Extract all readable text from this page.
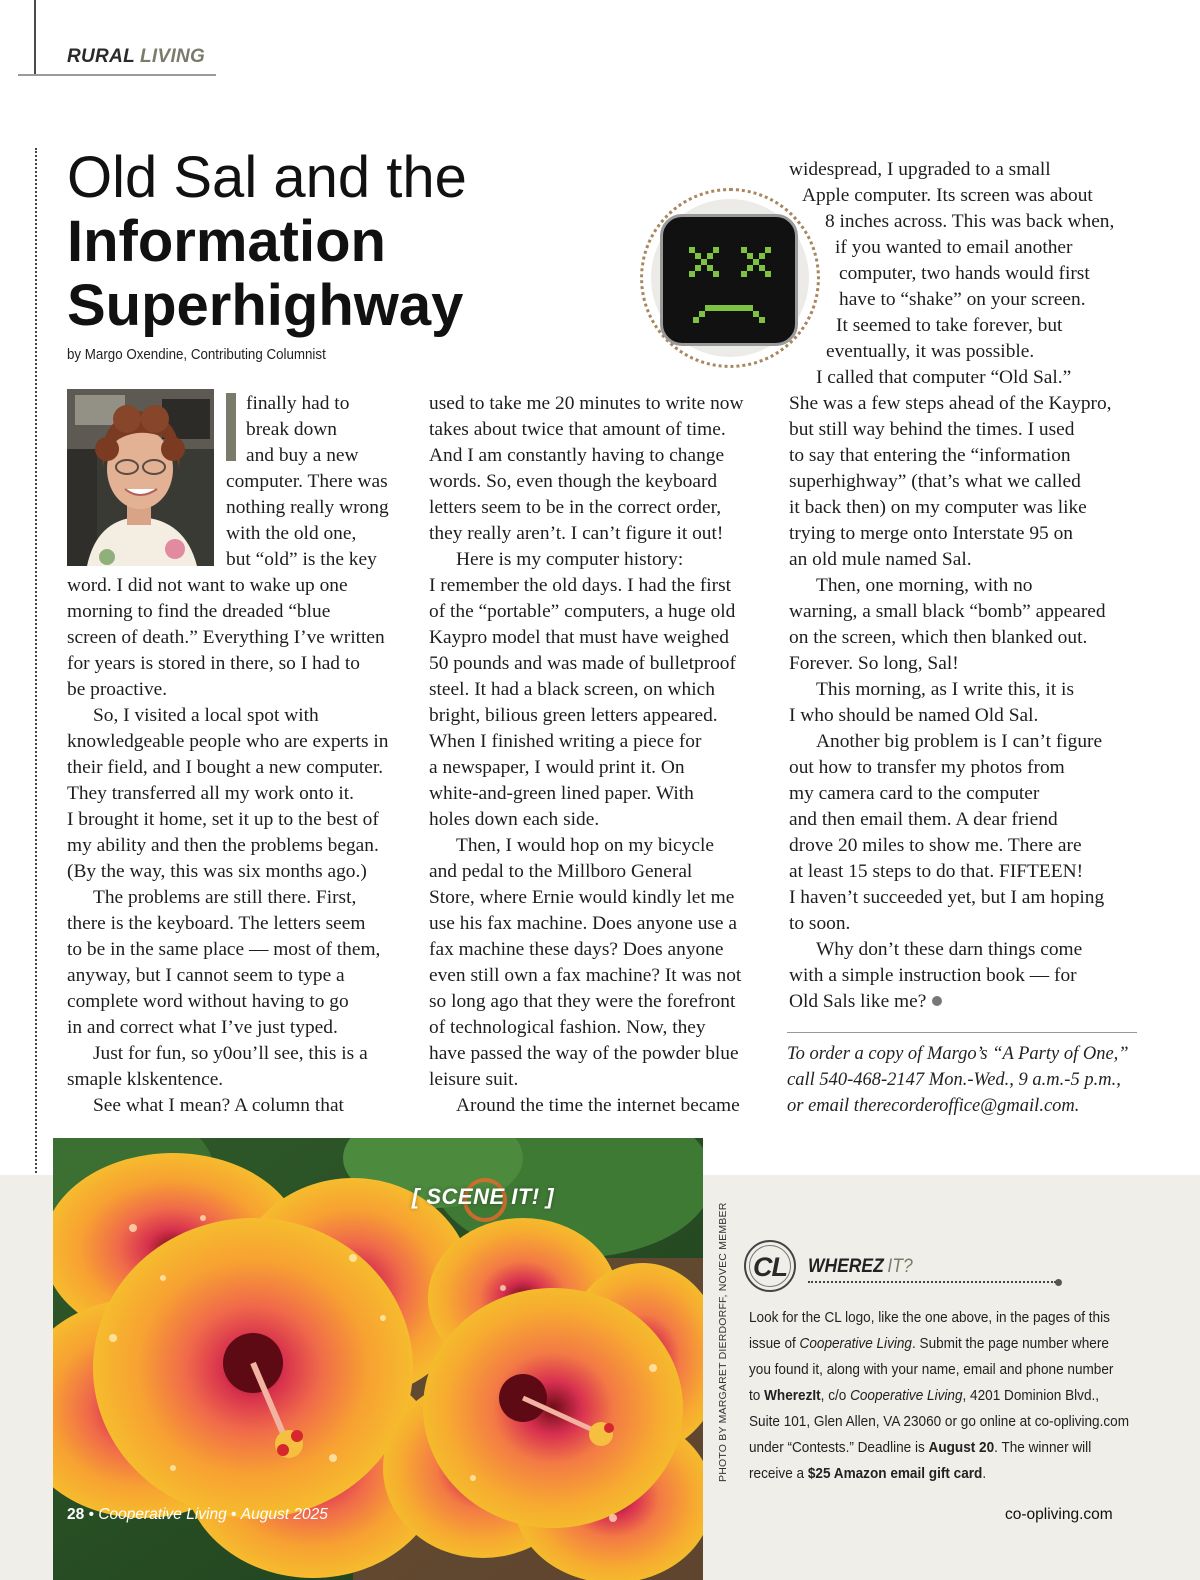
RURAL LIVING
Old Sal and the
Information
Superhighway
by Margo Oxendine, Contributing Columnist
finally had to
break down
and buy a new
computer. There was
nothing really wrong
with the old one,
but “old” is the key
word. I did not want to wake up one
morning to find the dreaded “blue
screen of death.” Everything I’ve written
for years is stored in there, so I had to
be proactive.
So, I visited a local spot with
knowledgeable people who are experts in
their field, and I bought a new computer.
They transferred all my work onto it.
I brought it home, set it up to the best of
my ability and then the problems began.
(By the way, this was six months ago.)
The problems are still there. First,
there is the keyboard. The letters seem
to be in the same place — most of them,
anyway, but I cannot seem to type a
complete word without having to go
in and correct what I’ve just typed.
Just for fun, so y0ou’ll see, this is a
smaple klskentence.
See what I mean? A column that
used to take me 20 minutes to write now
takes about twice that amount of time.
And I am constantly having to change
words. So, even though the keyboard
letters seem to be in the correct order,
they really aren’t. I can’t figure it out!
Here is my computer history:
I remember the old days. I had the first
of the “portable” computers, a huge old
Kaypro model that must have weighed
50 pounds and was made of bulletproof
steel. It had a black screen, on which
bright, bilious green letters appeared.
When I finished writing a piece for
a newspaper, I would print it. On
white-and-green lined paper. With
holes down each side.
Then, I would hop on my bicycle
and pedal to the Millboro General
Store, where Ernie would kindly let me
use his fax machine. Does anyone use a
fax machine these days? Does anyone
even still own a fax machine? It was not
so long ago that they were the forefront
of technological fashion. Now, they
have passed the way of the powder blue
leisure suit.
Around the time the internet became
widespread, I upgraded to a small
Apple computer. Its screen was about
8 inches across. This was back when,
if you wanted to email another
computer, two hands would first
have to “shake” on your screen.
It seemed to take forever, but
eventually, it was possible.
I called that computer “Old Sal.”
She was a few steps ahead of the Kaypro,
but still way behind the times. I used
to say that entering the “information
superhighway” (that’s what we called
it back then) on my computer was like
trying to merge onto Interstate 95 on
an old mule named Sal.
Then, one morning, with no
warning, a small black “bomb” appeared
on the screen, which then blanked out.
Forever. So long, Sal!
This morning, as I write this, it is
I who should be named Old Sal.
Another big problem is I can’t figure
out how to transfer my photos from
my camera card to the computer
and then email them. A dear friend
drove 20 miles to show me. There are
at least 15 steps to do that. FIFTEEN!
I haven’t succeeded yet, but I am hoping
to soon.
Why don’t these darn things come
with a simple instruction book — for
Old Sals like me?
To order a copy of Margo’s “A Party of One,”
call 540-468-2147 Mon.-Wed., 9 a.m.-5 p.m.,
or email therecorderoffice@gmail.com.
[ SCENE IT! ]
PHOTO BY MARGARET DIERDORFF, NOVEC MEMBER
28 • Cooperative Living • August 2025	co-opliving.com
CL WHEREZ IT?
Look for the CL logo, like the one above, in the pages of this
issue of Cooperative Living. Submit the page number where
you found it, along with your name, email and phone number
to WherezIt, c/o Cooperative Living, 4201 Dominion Blvd.,
Suite 101, Glen Allen, VA 23060 or go online at co-opliving.com
under “Contests.” Deadline is August 20. The winner will
receive a $25 Amazon email gift card.
